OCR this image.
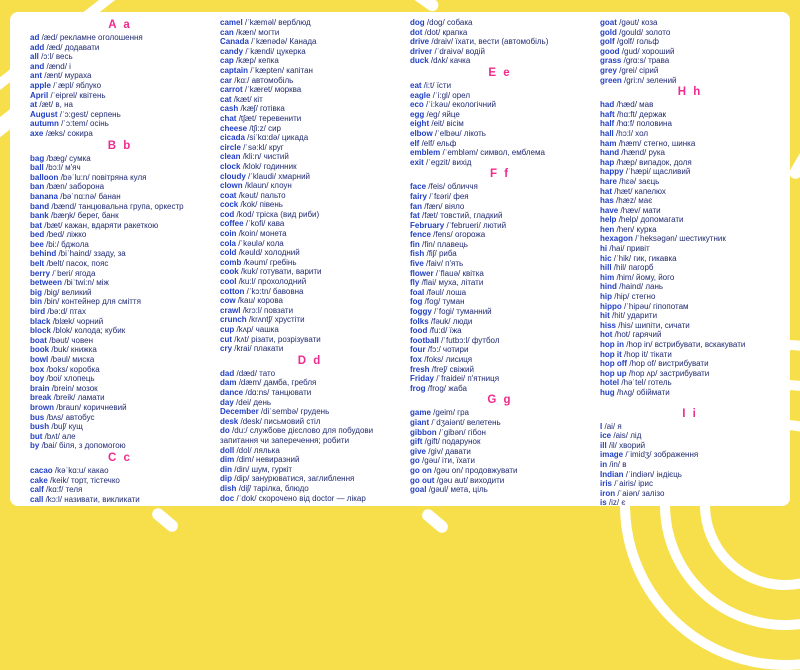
A a
ad /æd/ рекламне оголошення
add /æd/ додавати
all /ɔ:l/ весь
and /ænd/ і
ant /ænt/ мураха
apple /ˈæpl/ яблуко
April /ˈeiprel/ квітень
at /æt/ в, на
August /ˈɔ:gest/ серпень
autumn /ˈɔ:tem/ осінь
axe /æks/ сокира
B b
bag /bæg/ сумка
ball /bɔ:l/ м'яч
balloon /bəˈlu:n/ повітряна куля
ban /bæn/ заборона
banana /bəˈnɑ:nə/ банан
band /bænd/ танцювальна група, оркестр
bank /bæŋk/ берег, банк
bat /bæt/ кажан, вдаряти ракеткою
bed /bed/ ліжко
bee /bi:/ бджола
behind /biˈhaind/ ззаду, за
belt /belt/ пасок, пояс
berry /ˈberi/ ягода
between /biˈtwi:n/ між
big /big/ великий
bin /bin/ контейнер для сміття
bird /bə:d/ птах
black /blæk/ чорний
block /blok/ колода; кубик
boat /bəut/ човен
book /buk/ книжка
bowl /bəul/ миска
box /boks/ коробка
boy /boi/ хлопець
brain /brein/ мозок
break /breik/ ламати
brown /braun/ коричневий
bus /bʌs/ автобус
bush /buʃ/ кущ
but /bʌt/ але
by /bai/ біля, з допомогою
C c
cacao /kəˈkɑ:u/ какао
cake /keik/ торт, тістечко
calf /kɑ:f/ теля
call /kɔ:l/ називати, викликати
camel /ˈkæməl/ верблюд
can /kæn/ могти
Canada /ˈkænədə/ Канада
candy /ˈkændi/ цукерка
cap /kæp/ кепка
captain /ˈkæpten/ капітан
car /kɑ:/ автомобіль
carrot /ˈkæret/ морква
cat /kæt/ кіт
cash /kæʃ/ готівка
chat /tʃæt/ теревенити
cheese /tʃi:z/ сир
cicada /siˈkɑ:də/ цикада
circle /ˈsə:kl/ круг
clean /kli:n/ чистий
clock /klok/ годинник
cloudy /ˈklaudi/ хмарний
clown /klaun/ клоун
coat /kəut/ пальто
cock /kok/ півень
cod /kod/ тріска (вид риби)
coffee /ˈkofi/ кава
coin /koin/ монета
cola /ˈkəulə/ кола
cold /kəuld/ холодний
comb /kəum/ гребінь
cook /kuk/ готувати, варити
cool /ku:l/ прохолодний
cotton /ˈkɔ:tn/ бавовна
cow /kau/ корова
crawl /krɔ:l/ повзати
crunch /krʌntʃ/ хрустіти
cup /kʌp/ чашка
cut /kʌt/ різати, розрізувати
cry /krai/ плакати
D d
dad /dæd/ тато
dam /dæm/ дамба, гребля
dance /dɑ:ns/ танцювати
day /dei/ день
December /diˈsembə/ грудень
desk /desk/ письмовий стіл
do /du:/ службове дієслово для побудови запитання чи заперечення; робити
doll /dol/ лялька
dim /dim/ невиразний
din /din/ шум, гуркіт
dip /dip/ занурюватися, заглиблення
dish /diʃ/ тарілка, блюдо
doc /ˈdok/ скорочено від doctor — лікар
dog /dog/ собака
dot /dot/ крапка
drive /draiv/ їхати, вести (автомобіль)
driver /ˈdraivə/ водій
duck /dʌk/ качка
E e
eat /i:t/ їсти
eagle /ˈi:gl/ орел
eco /ˈi:kəu/ екологічний
egg /eg/ яйце
eight /eit/ вісім
elbow /ˈelbəu/ лікоть
elf /elf/ ельф
emblem /ˈembləm/ символ, емблема
exit /ˈegzit/ вихід
F f
face /feis/ обличчя
fairy /ˈfɛəri/ фея
fan /fæn/ віяло
fat /fæt/ товстий, гладкий
February /ˈfebrueri/ лютий
fence /fens/ огорожа
fin /fin/ плавець
fish /fiʃ/ риба
five /faiv/ п'ять
flower /ˈflauə/ квітка
fly /flai/ муха, літати
foal /fəul/ лоша
fog /fog/ туман
foggy /ˈfogi/ туманний
folks /fəuk/ люди
food /fu:d/ їжа
football /ˈfutbɔ:l/ футбол
four /fɔ:/ чотири
fox /foks/ лисиця
fresh /freʃ/ свіжий
Friday /ˈfraidei/ п'ятниця
frog /frog/ жаба
G g
game /geim/ гра
giant /ˈdʒaiənt/ велетень
gibbon /ˈgibən/ гібон
gift /gift/ подарунок
give /giv/ давати
go /gəu/ іти, їхати
go on /gəu on/ продовжувати
go out /gəu aut/ виходити
goal /gəul/ мета, ціль
goat /gəut/ коза
gold /gould/ золото
golf /golf/ гольф
good /gud/ хороший
grass /grɑ:s/ трава
grey /grei/ сірий
green /gri:n/ зелений
H h
had /hæd/ мав
haft /hɑ:ft/ держак
half /hɑ:f/ половина
hall /hɔ:l/ хол
ham /hæm/ стегно, шинка
hand /hænd/ рука
hap /hæp/ випадок, доля
happy /ˈhæpi/ щасливий
hare /hɛə/ заєць
hat /hæt/ капелюх
has /hæz/ має
have /hæv/ мати
help /help/ допомагати
hen /hen/ курка
hexagon /ˈheksəgən/ шестикутник
hi /hai/ привіт
hic /ˈhik/ гик, гикавка
hill /hil/ пагорб
him /him/ йому, його
hind /haind/ лань
hip /hip/ стегно
hippo /ˈhipəu/ гіпопотам
hit /hit/ ударити
hiss /his/ шипіти, сичати
hot /hot/ гарячий
hop in /hop in/ встрибувати, вскакувати
hop it /hop it/ тікати
hop off /hop of/ вистрибувати
hop up /hop ʌp/ застрибувати
hotel /həˈtel/ готель
hug /hʌg/ обіймати
I i
I /ai/ я
ice /ais/ лід
ill /il/ хворий
image /ˈimidʒ/ зображення
in /in/ в
Indian /ˈindiən/ індієць
iris /ˈairis/ ірис
iron /ˈaiən/ залізо
is /iz/ є
